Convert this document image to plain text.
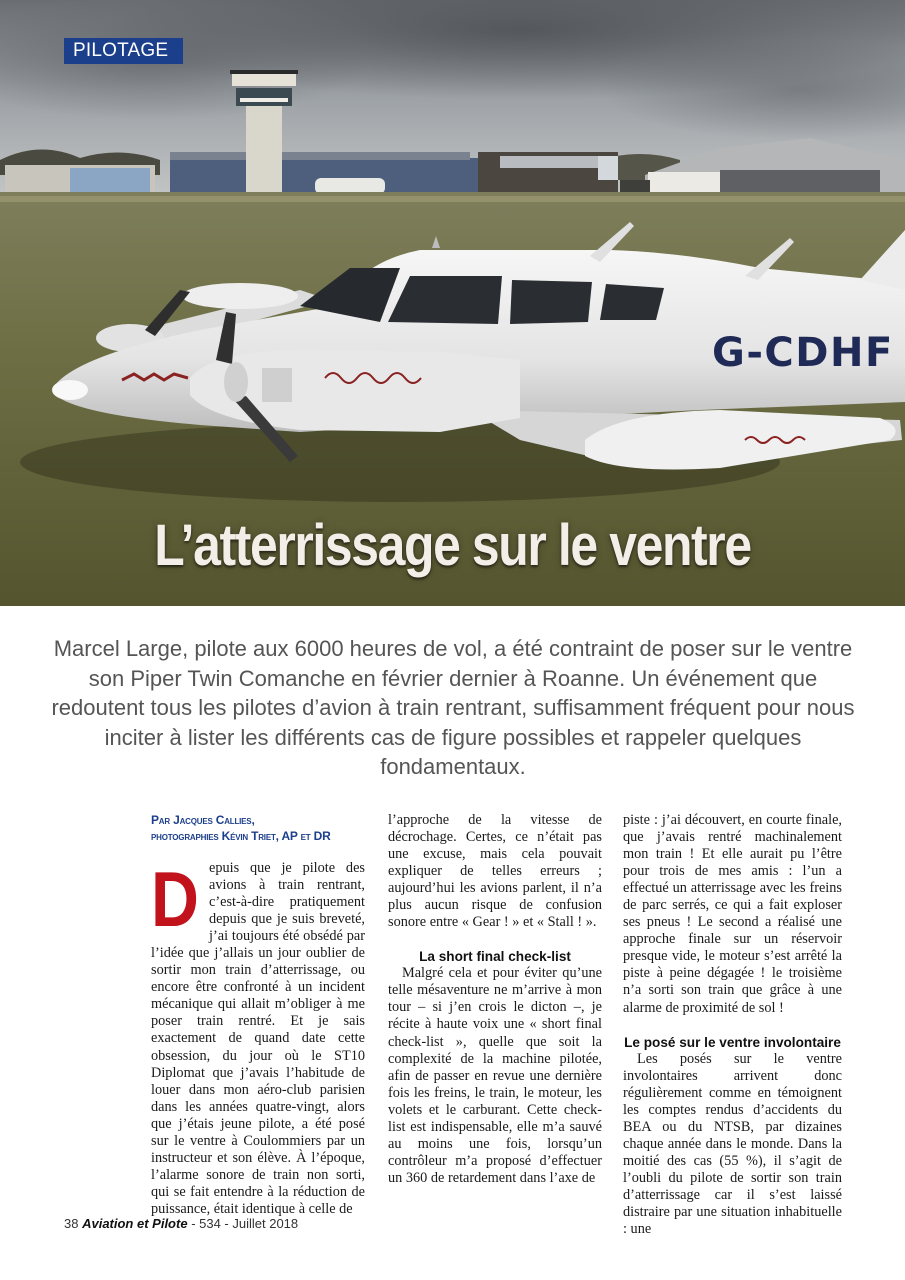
G-CDHF
PILOTAGE
L’atterrissage sur le ventre

Marcel Large, pilote aux 6000 heures de vol, a été contraint de poser sur le ventre son Piper Twin Comanche en février dernier à Roanne. Un événement que redoutent tous les pilotes d’avion à train rentrant, suffisamment fréquent pour nous inciter à lister les différents cas de figure possibles et rappeler quelques fondamentaux.

Par Jacques Callies,

photographies Kévin Triet, AP et DR

D epuis que je pilote des avions à train rentrant, c’est-à-dire pratiquement depuis que je suis breveté, j’ai toujours été obsédé par l’idée que j’allais un jour oublier de sortir mon train d’atterrissage, ou encore être confronté à un incident mécanique qui allait m’obliger à me poser train rentré. Et je sais exactement de quand date cette obsession, du jour où le ST10 Diplomat que j’avais l’habitude de louer dans mon aéro-club parisien dans les années quatre-vingt, alors que j’étais jeune pilote, a été posé sur le ventre à Coulommiers par un instructeur et son élève. À l’époque, l’alarme sonore de train non sorti, qui se fait entendre à la réduction de puissance, était identique à celle de

l’approche de la vitesse de décrochage. Certes, ce n’était pas une excuse, mais cela pouvait expliquer de telles erreurs ; aujourd’hui les avions parlent, il n’a plus aucun risque de confusion sonore entre « Gear ! » et « Stall ! ».

La short final check-list

Malgré cela et pour éviter qu’une telle mésaventure ne m’arrive à mon tour – si j’en crois le dicton –, je récite à haute voix une « short final check-list », quelle que soit la complexité de la machine pilotée, afin de passer en revue une dernière fois les freins, le train, le moteur, les volets et le carburant. Cette check-list est indispensable, elle m’a sauvé au moins une fois, lorsqu’un contrôleur m’a proposé d’effectuer un 360 de retardement dans l’axe de

piste : j’ai découvert, en courte finale, que j’avais rentré machinalement mon train ! Et elle aurait pu l’être pour trois de mes amis : l’un a effectué un atterrissage avec les freins de parc serrés, ce qui a fait exploser ses pneus ! Le second a réalisé une approche finale sur un réservoir presque vide, le moteur s’est arrêté la piste à peine dégagée ! le troisième n’a sorti son train que grâce à une alarme de proximité de sol !

Le posé sur le ventre involontaire

Les posés sur le ventre involontaires arrivent donc régulièrement comme en témoignent les comptes rendus d’accidents du BEA ou du NTSB, par dizaines chaque année dans le monde. Dans la moitié des cas (55 %), il s’agit de l’oubli du pilote de sortir son train d’atterrissage car il s’est laissé distraire par une situation inhabituelle : une

38 Aviation et Pilote - 534 - Juillet 2018
